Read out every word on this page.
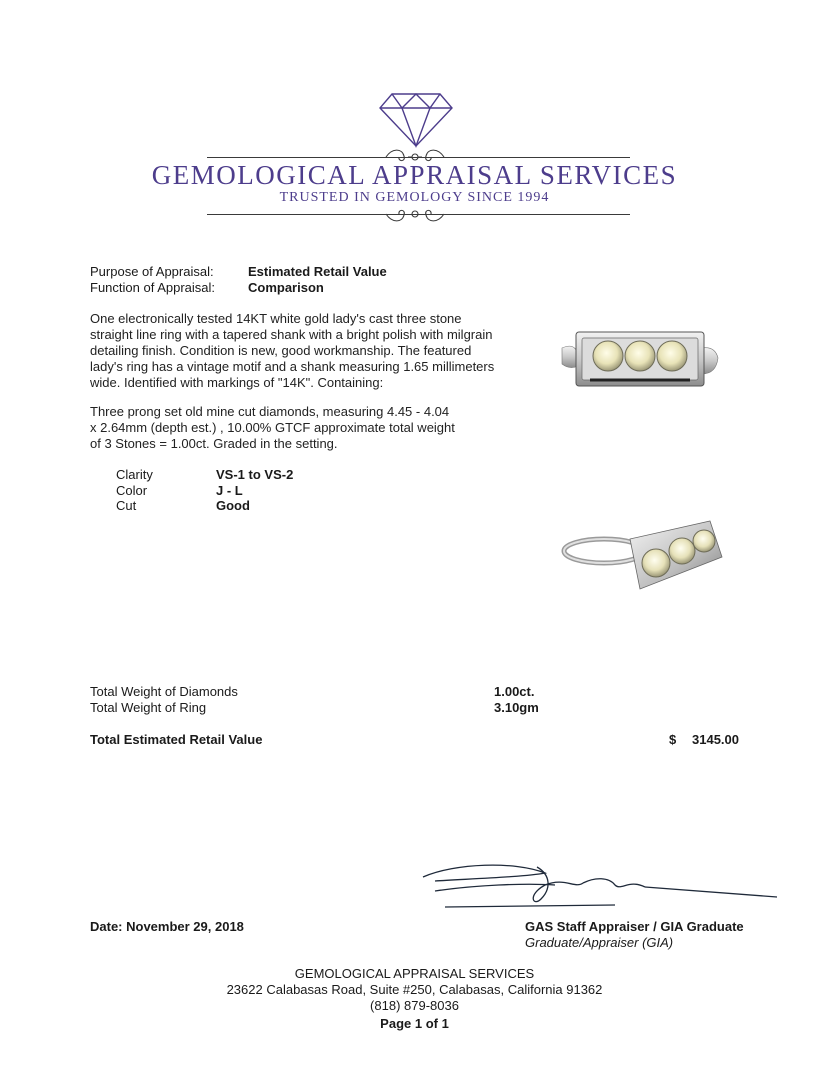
GEMOLOGICAL APPRAISAL SERVICES
TRUSTED IN GEMOLOGY SINCE 1994
Purpose of Appraisal:	Estimated Retail Value
Function of Appraisal:	Comparison
One electronically tested 14KT white gold lady's cast three stone
straight line ring with a tapered shank with a bright polish with milgrain
detailing finish. Condition is new, good workmanship. The featured
lady's ring has a vintage motif and a shank measuring 1.65 millimeters
wide. Identified with markings of "14K". Containing:
Three prong set old mine cut diamonds, measuring 4.45 - 4.04
x 2.64mm (depth est.) , 10.00% GTCF approximate total weight
of 3 Stones = 1.00ct. Graded in the setting.
Clarity	VS-1 to VS-2
Color	J - L
Cut	Good
Total Weight of Diamonds	1.00ct.
Total Weight of Ring	3.10gm
Total Estimated Retail Value	$ 3145.00
Date: November 29, 2018	GAS Staff Appraiser / GIA Graduate
Graduate/Appraiser (GIA)
GEMOLOGICAL APPRAISAL SERVICES
23622 Calabasas Road, Suite #250, Calabasas, California 91362
(818) 879-8036
Page 1 of 1
